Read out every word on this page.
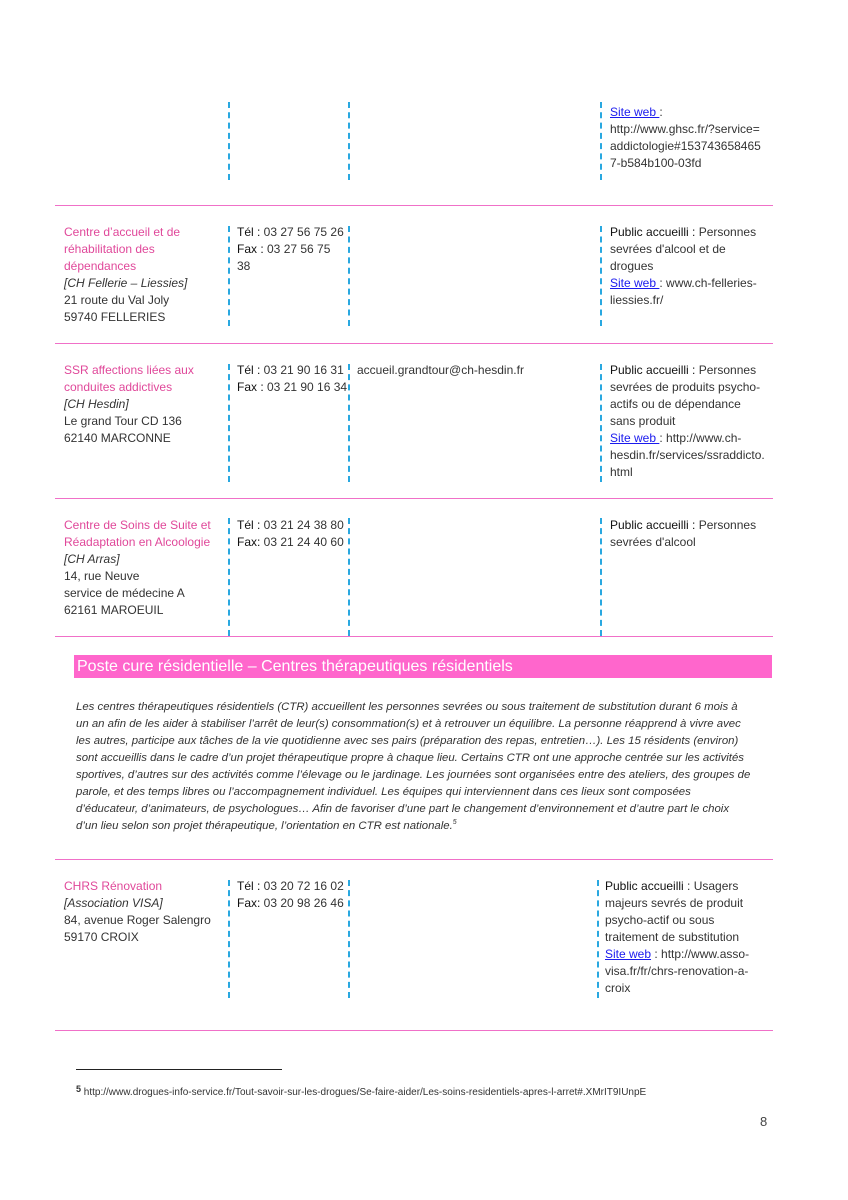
Site web :
http://www.ghsc.fr/?service=
addictologie#153743658465
7-b584b100-03fd
Centre d’accueil et de
réhabilitation des
dépendances
[CH Fellerie – Liessies]
21 route du Val Joly
59740 FELLERIES
Tél : 03 27 56 75 26
Fax : 03 27 56 75
38
Public accueilli : Personnes
sevrées d'alcool et de
drogues
Site web : www.ch-felleries-
liessies.fr/
SSR affections liées aux
conduites addictives
[CH Hesdin]
Le grand Tour CD 136
62140 MARCONNE
Tél : 03 21 90 16 31
Fax : 03 21 90 16 34
accueil.grandtour@ch-hesdin.fr	Public accueilli : Personnes
sevrées de produits psycho-
actifs ou de dépendance
sans produit
Site web : http://www.ch-
hesdin.fr/services/ssraddicto.
html
Centre de Soins de Suite et
Réadaptation en Alcoologie
[CH Arras]
14, rue Neuve
service de médecine A
62161 MAROEUIL
Tél : 03 21 24 38 80
Fax: 03 21 24 40 60
Public accueilli : Personnes
sevrées d'alcool
Poste cure résidentielle – Centres thérapeutiques résidentiels
Les centres thérapeutiques résidentiels (CTR) accueillent les personnes sevrées ou sous traitement de substitution durant 6 mois à
un an afin de les aider à stabiliser l’arrêt de leur(s) consommation(s) et à retrouver un équilibre. La personne réapprend à vivre avec
les autres, participe aux tâches de la vie quotidienne avec ses pairs (préparation des repas, entretien…). Les 15 résidents (environ)
sont accueillis dans le cadre d’un projet thérapeutique propre à chaque lieu. Certains CTR ont une approche centrée sur les activités
sportives, d’autres sur des activités comme l’élevage ou le jardinage. Les journées sont organisées entre des ateliers, des groupes de
parole, et des temps libres ou l’accompagnement individuel. Les équipes qui interviennent dans ces lieux sont composées
d’éducateur, d’animateurs, de psychologues… Afin de favoriser d’une part le changement d’environnement et d’autre part le choix
d’un lieu selon son projet thérapeutique, l’orientation en CTR est nationale.$^5$
CHRS Rénovation
[Association VISA]
84, avenue Roger Salengro
59170 CROIX
Tél : 03 20 72 16 02
Fax: 03 20 98 26 46
Public accueilli : Usagers
majeurs sevrés de produit
psycho-actif ou sous
traitement de substitution
Site web : http://www.asso-
visa.fr/fr/chrs-renovation-a-
croix
5 http://www.drogues-info-service.fr/Tout-savoir-sur-les-drogues/Se-faire-aider/Les-soins-residentiels-apres-l-arret#.XMrIT9IUnpE
8
